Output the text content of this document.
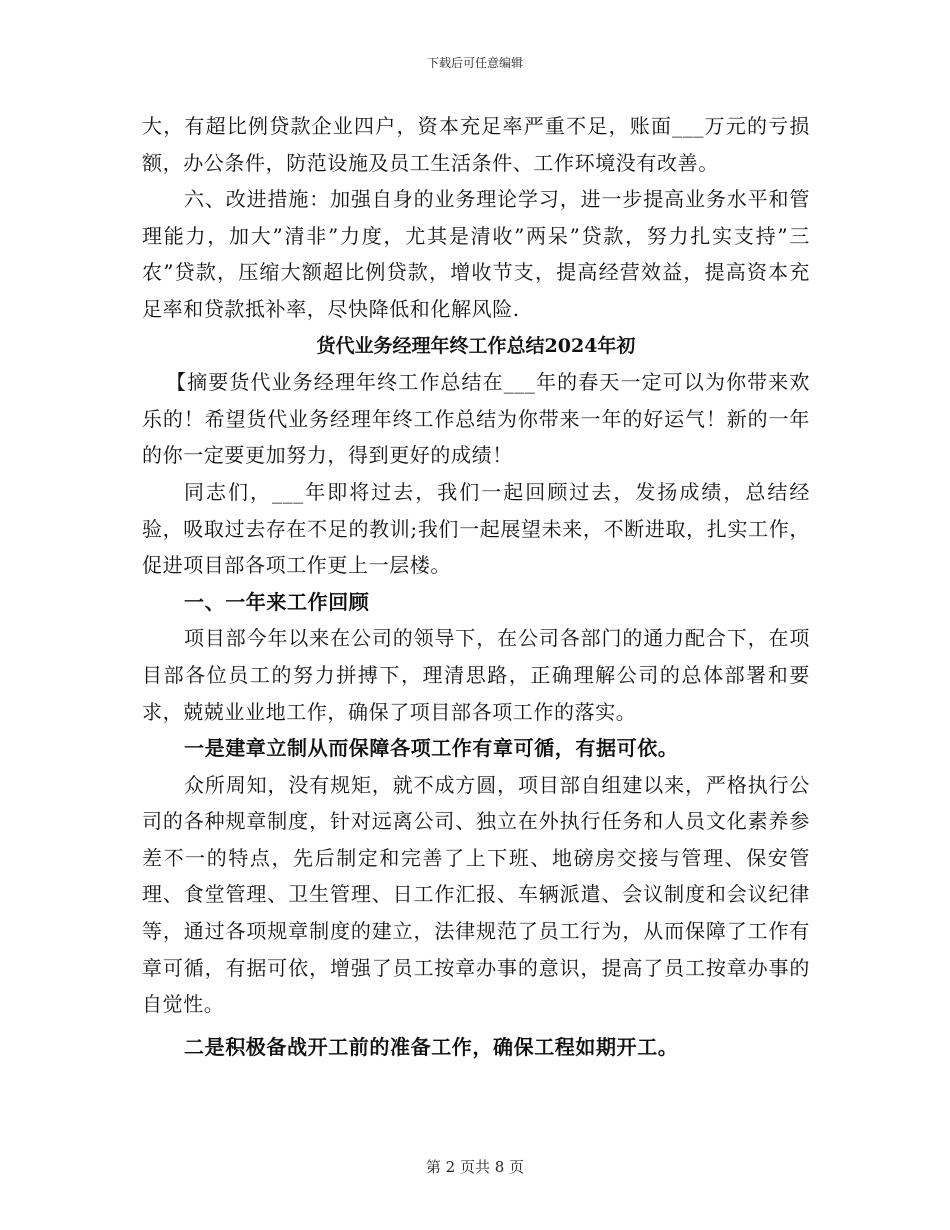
下载后可任意编辑

大，有超比例贷款企业四户，资本充足率严重不足，账面___万元的亏损额，办公条件，防范设施及员工生活条件、工作环境没有改善。

六、改进措施：加强自身的业务理论学习，进一步提高业务水平和管理能力，加大”清非”力度，尤其是清收”两呆”贷款，努力扎实支持”三农”贷款，压缩大额超比例贷款，增收节支，提高经营效益，提高资本充足率和贷款抵补率，尽快降低和化解风险.

货代业务经理年终工作总结2024年初

【摘要货代业务经理年终工作总结在___年的春天一定可以为你带来欢乐的！希望货代业务经理年终工作总结为你带来一年的好运气！新的一年的你一定要更加努力，得到更好的成绩！

同志们，___年即将过去，我们一起回顾过去，发扬成绩，总结经验，吸取过去存在不足的教训;我们一起展望未来，不断进取，扎实工作，促进项目部各项工作更上一层楼。

一、一年来工作回顾

项目部今年以来在公司的领导下，在公司各部门的通力配合下，在项目部各位员工的努力拼搏下，理清思路，正确理解公司的总体部署和要求，兢兢业业地工作，确保了项目部各项工作的落实。

一是建章立制从而保障各项工作有章可循，有据可依。

众所周知，没有规矩，就不成方圆，项目部自组建以来，严格执行公司的各种规章制度，针对远离公司、独立在外执行任务和人员文化素养参差不一的特点，先后制定和完善了上下班、地磅房交接与管理、保安管理、食堂管理、卫生管理、日工作汇报、车辆派遣、会议制度和会议纪律等，通过各项规章制度的建立，法律规范了员工行为，从而保障了工作有章可循，有据可依，增强了员工按章办事的意识，提高了员工按章办事的自觉性。

二是积极备战开工前的准备工作，确保工程如期开工。

第 2 页共 8 页
